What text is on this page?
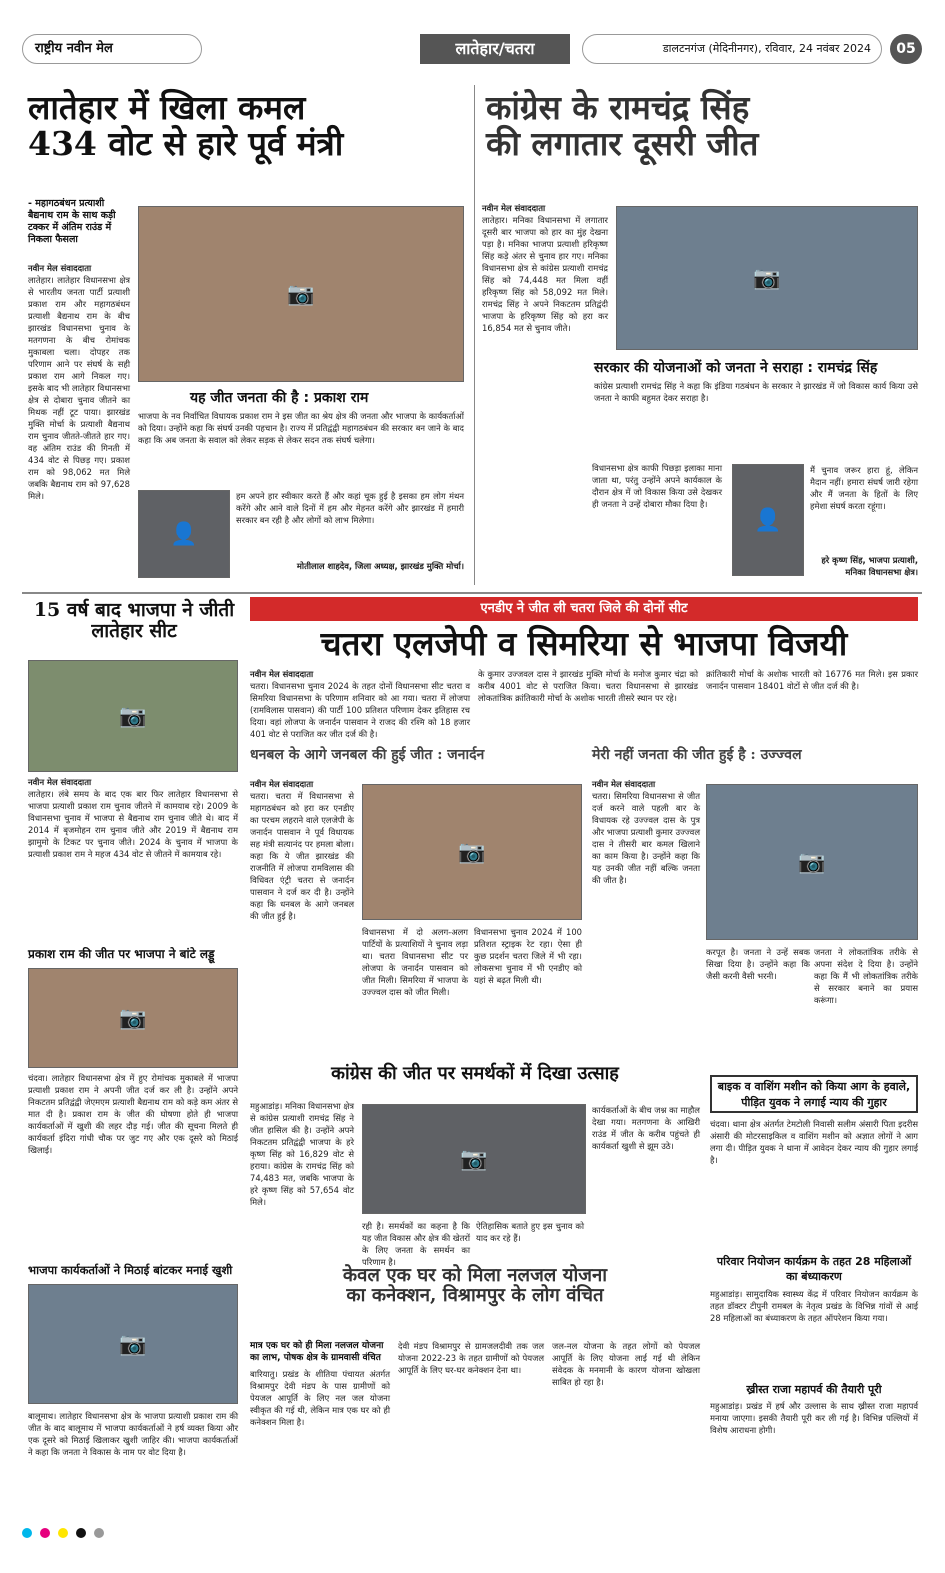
राष्ट्रीय नवीन मेल	लातेहार/चतरा	डालटनगंज (मेदिनीनगर), रविवार, 24 नवंबर 2024	05
लातेहार में खिला कमल
434 वोट से हारे पूर्व मंत्री
कांग्रेस के रामचंद्र सिंह
की लगातार दूसरी जीत
- महागठबंधन प्रत्याशी बैद्यनाथ राम के साथ कड़ी टक्कर में अंतिम राउंड में निकला फैसला
नवीन मेल संवाददाता
लातेहार। लातेहार विधानसभा क्षेत्र से भारतीय जनता पार्टी प्रत्याशी प्रकाश राम और महागठबंधन प्रत्याशी बैद्यनाथ राम के बीच झारखंड विधानसभा चुनाव के मतगणना के बीच रोमांचक मुकाबला चला। दोपहर तक परिणाम आने पर संघर्ष के सही प्रकाश राम आगे निकल गए। इसके बाद भी लातेहार विधानसभा क्षेत्र से दोबारा चुनाव जीतने का मिथक नहीं टूट पाया। झारखंड मुक्ति मोर्चा के प्रत्याशी बैद्यनाथ राम चुनाव जीतते-जीतते हार गए। वह अंतिम राउंड की गिनती में 434 वोट से पिछड़ गए। प्रकाश राम को 98,062 मत मिले जबकि बैद्यनाथ राम को 97,628 मिले।
📷
यह जीत जनता की है : प्रकाश राम
भाजपा के नव निर्वाचित विधायक प्रकाश राम ने इस जीत का श्रेय क्षेत्र की जनता और भाजपा के कार्यकर्ताओं को दिया। उन्होंने कहा कि संघर्ष उनकी पहचान है। राज्य में प्रतिद्वंद्वी महागठबंधन की सरकार बन जाने के बाद कहा कि अब जनता के सवाल को लेकर सड़क से लेकर सदन तक संघर्ष चलेगा।
👤
हम अपने हार स्वीकार करते हैं और कहां चूक हुई है इसका हम लोग मंथन करेंगे और आने वाले दिनों में हम और मेहनत करेंगे और झारखंड में हमारी सरकार बन रही है और लोगों को लाभ मिलेगा।
मोतीलाल शाहदेव, जिला अध्यक्ष, झारखंड मुक्ति मोर्चा।
नवीन मेल संवाददाता
लातेहार। मनिका विधानसभा में लगातार दूसरी बार भाजपा को हार का मुंह देखना पड़ा है। मनिका भाजपा प्रत्याशी हरिकृष्ण सिंह कड़े अंतर से चुनाव हार गए। मनिका विधानसभा क्षेत्र से कांग्रेस प्रत्याशी रामचंद्र सिंह को 74,448 मत मिला वहीं हरिकृष्ण सिंह को 58,092 मत मिले। रामचंद्र सिंह ने अपने निकटतम प्रतिद्वंदी भाजपा के हरिकृष्ण सिंह को हरा कर 16,854 मत से चुनाव जीते।
📷
सरकार की योजनाओं को जनता ने सराहा : रामचंद्र सिंह
कांग्रेस प्रत्याशी रामचंद्र सिंह ने कहा कि इंडिया गठबंधन के सरकार ने झारखंड में जो विकास कार्य किया उसे जनता ने काफी बहुमत देकर सराहा है।
विधानसभा क्षेत्र काफी पिछड़ा इलाका माना जाता था, परंतु उन्होंने अपने कार्यकाल के दौरान क्षेत्र में जो विकास किया उसे देखकर ही जनता ने उन्हें दोबारा मौका दिया है।
👤
मैं चुनाव जरूर हारा हूं, लेकिन मैदान नहीं। हमारा संघर्ष जारी रहेगा और मैं जनता के हितों के लिए हमेशा संघर्ष करता रहूंगा।
हरे कृष्ण सिंह, भाजपा प्रत्याशी, मनिका विधानसभा क्षेत्र।
15 वर्ष बाद भाजपा ने जीती लातेहार सीट
📷
नवीन मेल संवाददाता
लातेहार। लंबे समय के बाद एक बार फिर लातेहार विधानसभा से भाजपा प्रत्याशी प्रकाश राम चुनाव जीतने में कामयाब रहे। 2009 के विधानसभा चुनाव में भाजपा से बैद्यनाथ राम चुनाव जीते थे। बाद में 2014 में बृजमोहन राम चुनाव जीते और 2019 में बैद्यनाथ राम झामुमो के टिकट पर चुनाव जीते। 2024 के चुनाव में भाजपा के प्रत्याशी प्रकाश राम ने महज 434 वोट से जीतने में कामयाब रहे।
प्रकाश राम की जीत पर भाजपा ने बांटे लड्डू
📷
चंदवा। लातेहार विधानसभा क्षेत्र में हुए रोमांचक मुकाबले में भाजपा प्रत्याशी प्रकाश राम ने अपनी जीत दर्ज कर ली है। उन्होंने अपने निकटतम प्रतिद्वंद्वी जेएमएम प्रत्याशी बैद्यनाथ राम को कड़े कम अंतर से मात दी है। प्रकाश राम के जीत की घोषणा होते ही भाजपा कार्यकर्ताओं में खुशी की लहर दौड़ गई। जीत की सूचना मिलते ही कार्यकर्ता इंदिरा गांधी चौक पर जुट गए और एक दूसरे को मिठाई खिलाई।
भाजपा कार्यकर्ताओं ने मिठाई बांटकर मनाई खुशी
📷
बालूमाथ। लातेहार विधानसभा क्षेत्र के भाजपा प्रत्याशी प्रकाश राम की जीत के बाद बालूमाथ में भाजपा कार्यकर्ताओं ने हर्ष व्यक्त किया और एक दूसरे को मिठाई खिलाकर खुशी जाहिर की। भाजपा कार्यकर्ताओं ने कहा कि जनता ने विकास के नाम पर वोट दिया है।
एनडीए ने जीत ली चतरा जिले की दोनों सीट
चतरा एलजेपी व सिमरिया से भाजपा विजयी
नवीन मेल संवाददाता
चतरा। विधानसभा चुनाव 2024 के तहत दोनों विधानसभा सीट चतरा व सिमरिया विधानसभा के परिणाम शनिवार को आ गया। चतरा में लोजपा (रामविलास पासवान) की पार्टी 100 प्रतिशत परिणाम देकर इतिहास रच दिया। वहां लोजपा के जनार्दन पासवान ने राजद की रश्मि को 18 हजार 401 वोट से पराजित कर जीत दर्ज की है।
के कुमार उज्जवल दास ने झारखंड मुक्ति मोर्चा के मनोज कुमार चंद्रा को करीब 4001 वोट से पराजित किया। चतरा विधानसभा से झारखंड लोकतांत्रिक क्रांतिकारी मोर्चा के अशोक भारती तीसरे स्थान पर रहे।
क्रांतिकारी मोर्चा के अशोक भारती को 16776 मत मिले। इस प्रकार जनार्दन पासवान 18401 वोटों से जीत दर्ज की है।
धनबल के आगे जनबल की हुई जीत : जनार्दन
नवीन मेल संवाददाता
चतरा। चतरा में विधानसभा से महागठबंधन को हरा कर एनडीए का परचम लहराने वाले एलजेपी के जनार्दन पासवान ने पूर्व विधायक सह मंत्री सत्यानंद पर हमला बोला। कहा कि ये जीत झारखंड की राजनीति में लोजपा रामविलास की विधिवत एंट्री चतरा से जनार्दन पासवान ने दर्ज कर दी है। उन्होंने कहा कि धनबल के आगे जनबल की जीत हुई है।
📷
विधानसभा में दो अलग-अलग पार्टियों के प्रत्याशियों ने चुनाव लड़ा था। चतरा विधानसभा सीट पर लोजपा के जनार्दन पासवान को जीत मिली। सिमरिया में भाजपा के उज्ज्वल दास को जीत मिली।
विधानसभा चुनाव 2024 में 100 प्रतिशत स्ट्राइक रेट रहा। ऐसा ही कुछ प्रदर्शन चतरा जिले में भी रहा। लोकसभा चुनाव में भी एनडीए को यहां से बढ़त मिली थी।
मेरी नहीं जनता की जीत हुई है : उज्ज्वल
नवीन मेल संवाददाता
चतरा। सिमरिया विधानसभा से जीत दर्ज करने वाले पहली बार के विधायक रहे उज्ज्वल दास के पुत्र और भाजपा प्रत्याशी कुमार उज्ज्वल दास ने तीसरी बार कमल खिलाने का काम किया है। उन्होंने कहा कि यह उनकी जीत नहीं बल्कि जनता की जीत है।
📷
करपूत है। जनता ने उन्हें सबक सिखा दिया है। उन्होंने कहा कि जैसी करनी वैसी भरनी।
जनता ने लोकतांत्रिक तरीके से अपना संदेश दे दिया है। उन्होंने कहा कि मैं भी लोकतांत्रिक तरीके से सरकार बनाने का प्रयास करूंगा।
कांग्रेस की जीत पर समर्थकों में दिखा उत्साह
महुआडांड़। मनिका विधानसभा क्षेत्र से कांग्रेस प्रत्याशी रामचंद्र सिंह ने जीत हासिल की है। उन्होंने अपने निकटतम प्रतिद्वंद्वी भाजपा के हरे कृष्ण सिंह को 16,829 वोट से हराया। कांग्रेस के रामचंद्र सिंह को 74,483 मत, जबकि भाजपा के हरे कृष्ण सिंह को 57,654 वोट मिले।
📷
रही है। समर्थकों का कहना है कि यह जीत विकास और क्षेत्र की खेतरों के लिए जनता के समर्थन का परिणाम है।
ऐतिहासिक बताते हुए इस चुनाव को याद कर रहे हैं।
कार्यकर्ताओं के बीच जश्न का माहौल देखा गया। मतगणना के आखिरी राउंड में जीत के करीब पहुंचते ही कार्यकर्ता खुशी से झूम उठे।
बाइक व वाशिंग मशीन को किया आग के हवाले, पीड़ित युवक ने लगाई न्याय की गुहार
चंदवा। थाना क्षेत्र अंतर्गत टेमटोली निवासी सलीम अंसारी पिता इदरीस अंसारी की मोटरसाइकिल व वाशिंग मशीन को अज्ञात लोगों ने आग लगा दी। पीड़ित युवक ने थाना में आवेदन देकर न्याय की गुहार लगाई है।
परिवार नियोजन कार्यक्रम के तहत 28 महिलाओं का बंध्याकरण
महुआडांड़। सामुदायिक स्वास्थ्य केंद्र में परिवार नियोजन कार्यक्रम के तहत डॉक्टर टीपुनी रामबल के नेतृत्व प्रखंड के विभिन्न गांवों से आई 28 महिलाओं का बंध्याकरण के तहत ऑपरेशन किया गया।
ख्रीस्त राजा महापर्व की तैयारी पूरी
महुआडांड़। प्रखंड में हर्ष और उल्लास के साथ ख्रीस्त राजा महापर्व मनाया जाएगा। इसकी तैयारी पूरी कर ली गई है। विभिन्न पल्लियों में विशेष आराधना होगी।
केवल एक घर को मिला नलजल योजना
का कनेक्शन, विश्रामपुर के लोग वंचित
मात्र एक घर को ही मिला नलजल योजना का लाभ, पोषक क्षेत्र के ग्रामवासी वंचित
बारियातु। प्रखंड के शीतिया पंचायत अंतर्गत विश्रामपुर देवी मंडप के पास ग्रामीणों को पेयजल आपूर्ति के लिए नल जल योजना स्वीकृत की गई थी, लेकिन मात्र एक घर को ही कनेक्शन मिला है।
देवी मंडप विश्रामपुर से ग्रामजलदीवी तक जल योजना 2022-23 के तहत ग्रामीणों को पेयजल आपूर्ति के लिए घर-घर कनेक्शन देना था।
जल-नल योजना के तहत लोगों को पेयजल आपूर्ति के लिए योजना लाई गई थी लेकिन संवेदक के मनमानी के कारण योजना खोखला साबित हो रहा है।
